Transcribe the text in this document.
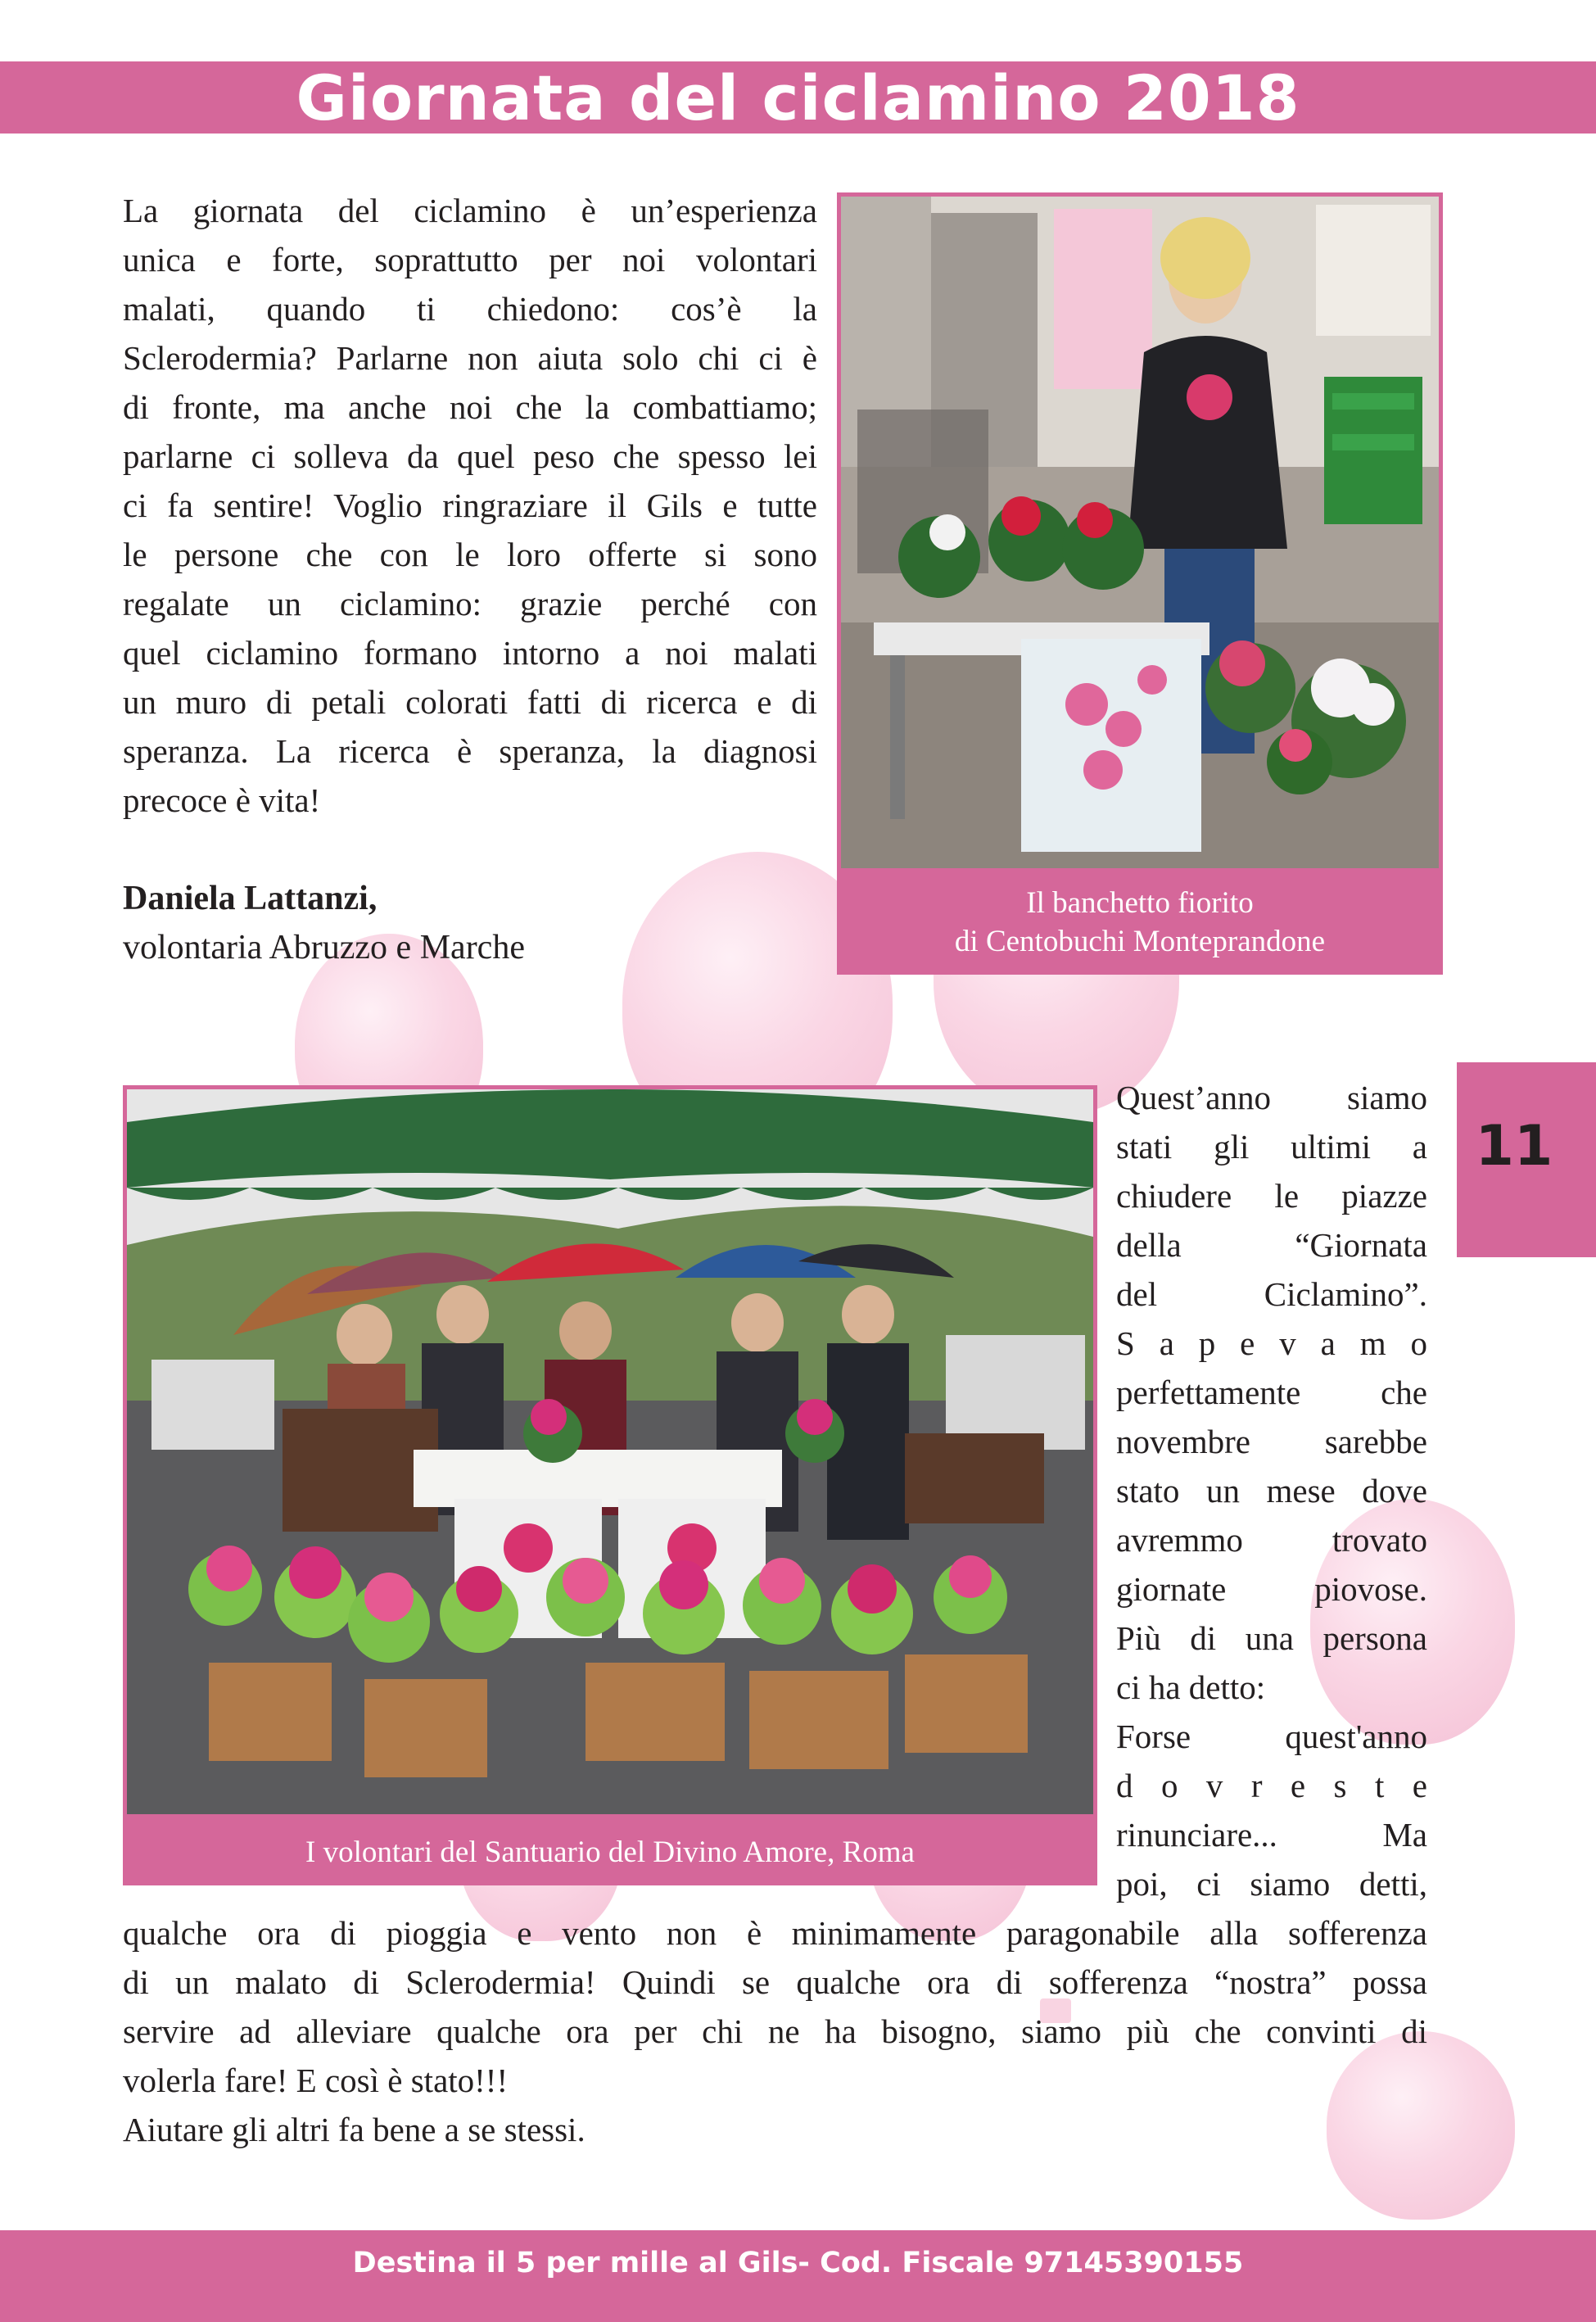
Giornata del ciclamino 2018
La giornata del ciclamino è un’esperienza
unica e forte, soprattutto per noi volontari
malati, quando ti chiedono: cos’è la
Sclerodermia? Parlarne non aiuta solo chi ci è
di fronte, ma anche noi che la combattiamo;
parlarne ci solleva da quel peso che spesso lei
ci fa sentire! Voglio ringraziare il Gils e tutte
le persone che con le loro offerte si sono
regalate un ciclamino: grazie perché con
quel ciclamino formano intorno a noi malati
un muro di petali colorati fatti di ricerca e di
speranza. La ricerca è speranza, la diagnosi
precoce è vita!
Daniela Lattanzi,
volontaria Abruzzo e Marche
Il banchetto fiorito
di Centobuchi Monteprandone
11
I volontari del Santuario del Divino Amore, Roma
Quest’anno siamo
stati gli ultimi a
chiudere le piazze
della “Giornata
del Ciclamino”.
S a p e v a m o
perfettamente che
novembre sarebbe
stato un mese dove
avremmo trovato
giornate piovose.
Più di una persona
ci ha detto:
Forse quest'anno
d o v r e s t e
rinunciare... Ma
poi, ci siamo detti,
qualche ora di pioggia e vento non è minimamente paragonabile alla sofferenza
di un malato di Sclerodermia! Quindi se qualche ora di sofferenza “nostra” possa
servire ad alleviare qualche ora per chi ne ha bisogno, siamo più che convinti di
volerla fare! E così è stato!!!
Aiutare gli altri fa bene a se stessi.
Destina il 5 per mille al Gils- Cod. Fiscale 97145390155
